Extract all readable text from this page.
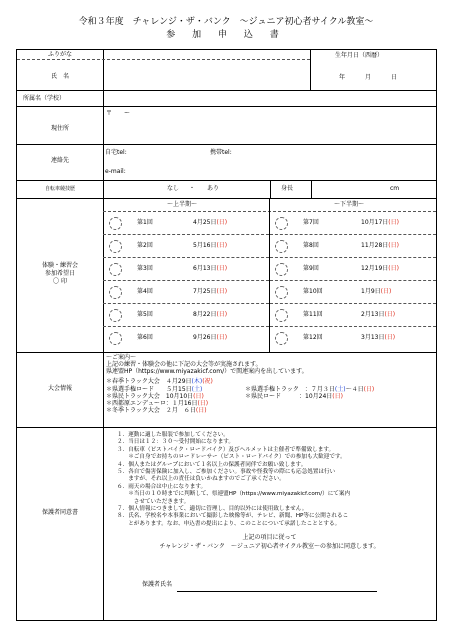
令和３年度　チャレンジ・ザ・バンク　～ジュニア初心者サイクル教室～
参 加 申 込 書
ふりがな
氏　名
生年月日（西暦）
年	月	日
所属名（学校）
現住所
〒　　ー
連絡先
自宅tel:	携帯tel:
e-mail:
自転車競技歴	なし ・ あり	身長	cm
体験・練習会
参加希望日
〇 印
～上半期～	～下半期～
第1回	4月25日(日)
第2回	5月16日(日)
第3回	6月13日(日)
第4回	7月25日(日)
第5回	8月22日(日)
第6回	9月26日(日)
第7回	10月17日(日)
第8回	11月28日(日)
第9回	12月19日(日)
第10回	1月9日(日)
第11回	2月13日(日)
第12回	3月13日(日)
大会情報
～ご案内～
上記の練習・体験会の他に下記の大会等が実施されます。
県連盟HP（https://www.miyazakicf.com/）で関連案内を出しています。
＊春季トラック大会　４月29日(木)(祝)
＊県選手権ロード　　５月15日(土)	＊県選手権トラック　：７月３日(土)～４日(日)
＊県民トラック大会　10月10日(日)	＊県民ロード　　　：10月24日(日)
＊西都原エンデューロ：１月16日(日)
＊冬季トラック大会　２月　６日(日)
保護者同意書
１．運動に適した服装で参加してください。
２．当日は１２：３０～受付開始になります。
３．自転車（ピストバイク・ロードバイク）及びヘルメットは主催者で準備致します。
　　＊ご自身でお持ちのロードレーサー（ピスト・ロードバイク）での参加も大歓迎です。
４．個人またはグループにおいて１名以上の保護者同伴でお願い致します。
５．各自で傷害保険に加入し、ご参加ください。事故や怪我等の際にも応急処置は行い
　　ますが、それ以上の責任は負いかねますのでご了承ください。
６．雨天の場合は中止になります。
　　＊当日の１０時までに判断して、県連盟HP（https://www.miyazakicf.com/）にて案内
　　　させていただきます。
７．個人情報につきまして、適切に管理し、目的以外には使用致しません。
８．氏名、学校名や本事業において撮影した映像等が、テレビ、新聞、HP等に公開されるこ
　　とがあります。なお、申込書の提出により、このことについて承諾したこととする。
上記の項目に従って
チャレンジ・ザ・バンク　～ジュニア初心者サイクル教室～の参加に同意します。
保護者氏名
